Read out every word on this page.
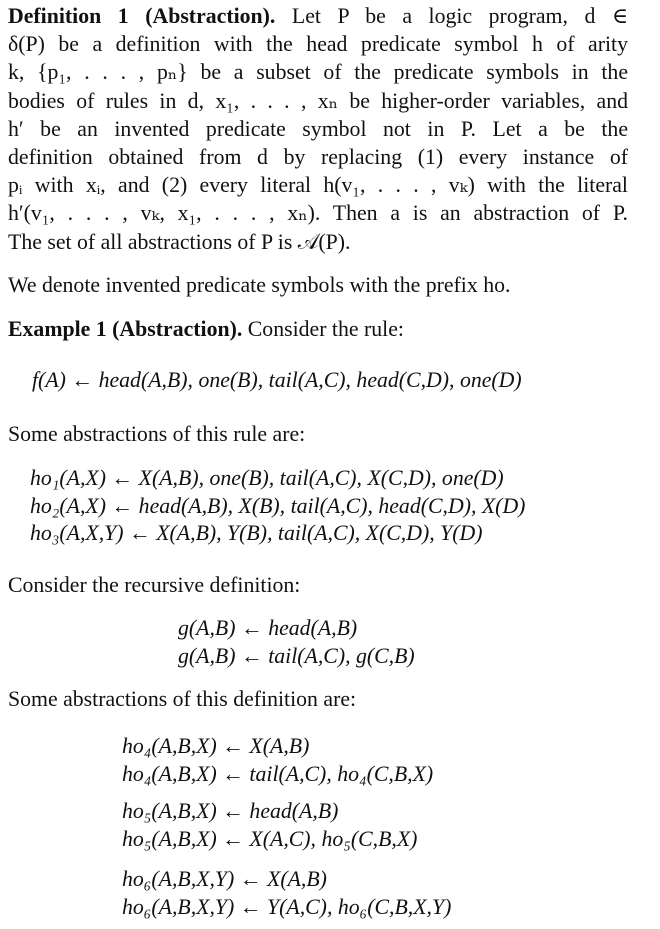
Definition 1 (Abstraction). Let P be a logic program, d ∈
δ(P) be a definition with the head predicate symbol h of arity
k, {p₁, . . . , pₙ} be a subset of the predicate symbols in the
bodies of rules in d, x₁, . . . , xₙ be higher-order variables, and
h′ be an invented predicate symbol not in P. Let a be the
definition obtained from d by replacing (1) every instance of
pᵢ with xᵢ, and (2) every literal h(v₁, . . . , vₖ) with the literal
h′(v₁, . . . , vₖ, x₁, . . . , xₙ). Then a is an abstraction of P.
The set of all abstractions of P is 𝒜(P).
We denote invented predicate symbols with the prefix ho.
Example 1 (Abstraction). Consider the rule:
f(A) ← head(A,B), one(B), tail(A,C), head(C,D), one(D)
Some abstractions of this rule are:
ho₁(A,X) ← X(A,B), one(B), tail(A,C), X(C,D), one(D)
ho₂(A,X) ← head(A,B), X(B), tail(A,C), head(C,D), X(D)
ho₃(A,X,Y) ← X(A,B), Y(B), tail(A,C), X(C,D), Y(D)
Consider the recursive definition:
g(A,B) ← head(A,B)
g(A,B) ← tail(A,C), g(C,B)
Some abstractions of this definition are:
ho₄(A,B,X) ← X(A,B)
ho₄(A,B,X) ← tail(A,C), ho₄(C,B,X)
ho₅(A,B,X) ← head(A,B)
ho₅(A,B,X) ← X(A,C), ho₅(C,B,X)
ho₆(A,B,X,Y) ← X(A,B)
ho₆(A,B,X,Y) ← Y(A,C), ho₆(C,B,X,Y)
